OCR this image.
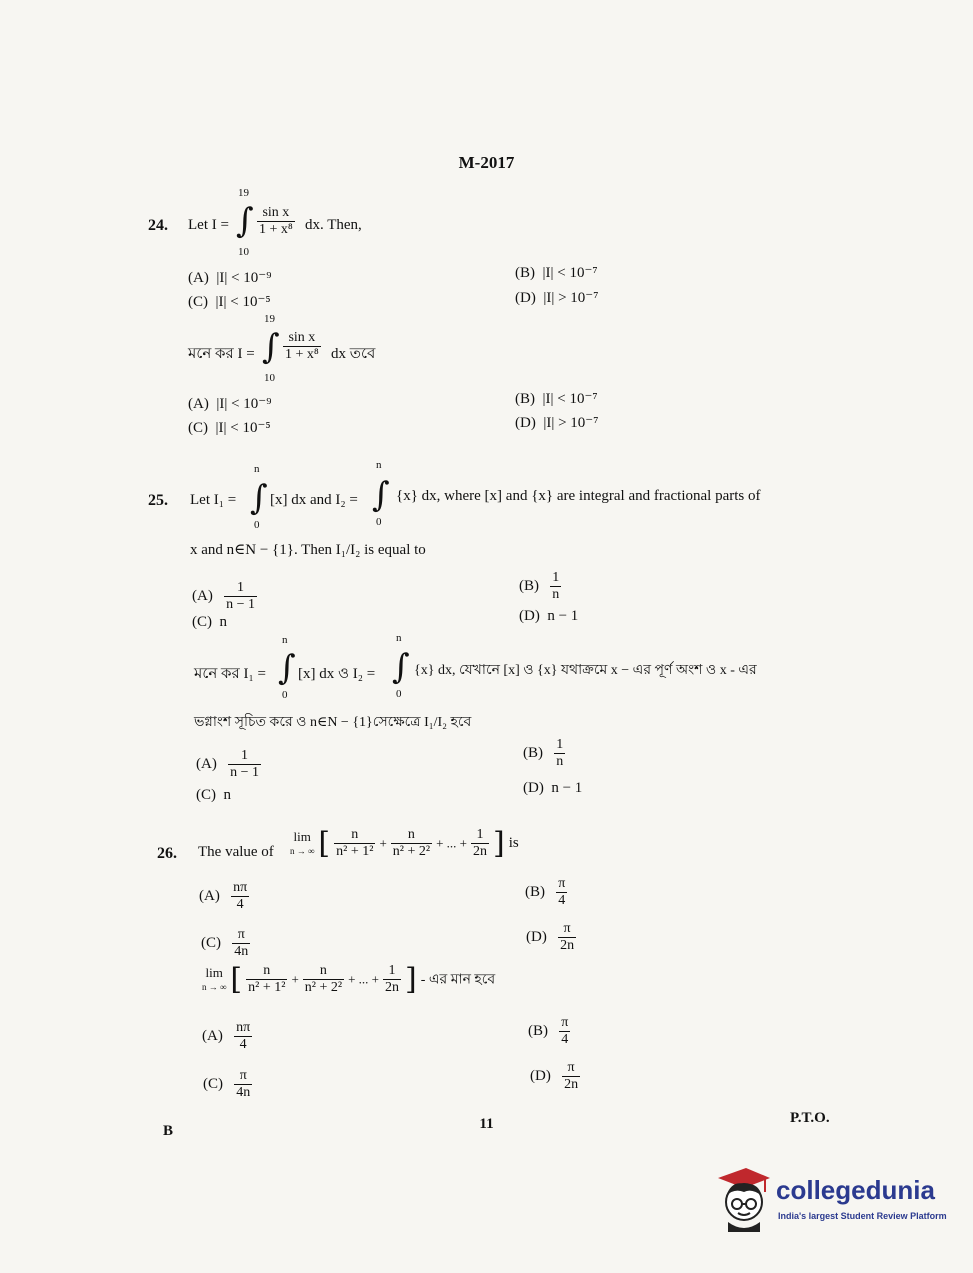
M-2017
24. Let I =
19
∫
10
$\frac{\text{sin x}}{\text{1 + x⁸}}$ dx. Then,
(A) |I| < 10⁻⁹	(B) |I| < 10⁻⁷
(C) |I| < 10⁻⁵	(D) |I| > 10⁻⁷
মনে কর I =
19
∫
10
$\frac{\text{sin x}}{\text{1 + x⁸}}$ dx তবে
(A) |I| < 10⁻⁹	(B) |I| < 10⁻⁷
(C) |I| < 10⁻⁵	(D) |I| > 10⁻⁷
25. Let I₁ =
n
∫
0
[x] dx and I₂ =
n
∫
0
{x} dx, where [x] and {x} are integral and fractional parts of
x and n∈N − {1}. Then I₁/I₂ is equal to
$(A) \frac{1}{n - 1}$	$(B) \frac{1}{n}$
(C) n	(D) n − 1
মনে কর I₁ =
n
∫
0
[x] dx ও I₂ =
n
∫
0
{x} dx, যেখানে [x] ও {x} যথাক্রমে x − এর পূর্ণ অংশ ও x - এর
ভগ্নাংশ সূচিত করে ও n∈N − {1}সেক্ষেত্রে I₁/I₂ হবে
$(A) \frac{1}{n - 1}$	$(B) \frac{1}{n}$
(C) n	(D) n − 1
26. The value of
lim
n → ∞ [ $\frac{n}{\text{n² + 1²}} + \frac{n}{\text{n² + 2²}}$ + ... + $\frac{1}{2n}$ ] is
$(A) \frac{n\pi}{4}$	$(B) \frac{\pi}{4}$
$(C) \frac{\pi}{4n}$	$(D) \frac{\pi}{2n}$
lim
n → ∞ [ $\frac{n}{\text{n² + 1²}} + \frac{n}{\text{n² + 2²}}$ + ... + $\frac{1}{2n}$ ] - এর মান হবে
$(A) \frac{n\pi}{4}$	$(B) \frac{\pi}{4}$
$(C) \frac{\pi}{4n}$	$(D) \frac{\pi}{2n}$
B	11	P.T.O.
collegedunia
India's largest Student Review Platform
